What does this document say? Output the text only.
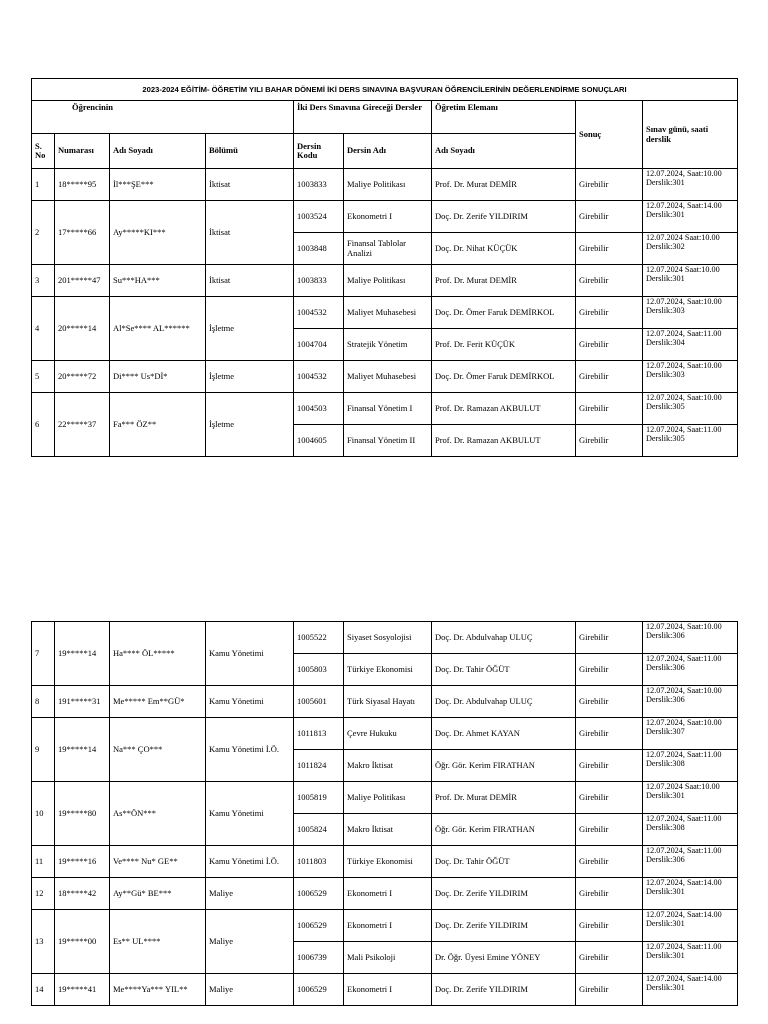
2023-2024 EĞİTİM- ÖĞRETİM YILI BAHAR DÖNEMİ İKİ DERS SINAVINA BAŞVURAN ÖĞRENCİLERİNİN DEĞERLENDİRME SONUÇLARI								
Öğrencinin				İki Ders Sınavına Gireceği Dersler		Öğretim Elemanı	Sonuç	Sınav günü, saati derslik
S. No	Numarası	Adı Soyadı	Bölümü	Dersin Kodu	Dersin Adı	Adı Soyadı		
1	18*****95	İl***ŞE***	İktisat	1003833	Maliye Politikası	Prof. Dr. Murat DEMİR	Girebilir	12.07.2024, Saat:10.00
Derslik:301

2	17*****66	Ay*****KI***	İktisat	1003524	Ekonometri I	Doç. Dr. Zerife YILDIRIM	Girebilir	12.07.2024, Saat:14.00
Derslik:301

				1003848	Finansal Tablolar Analizi	Doç. Dr. Nihat KÜÇÜK	Girebilir	12.07.2024 Saat:10.00
Derslik:302

3	201*****47	Su***HA***	İktisat	1003833	Maliye Politikası	Prof. Dr. Murat DEMİR	Girebilir	12.07.2024 Saat:10.00
Derslik:301

4	20*****14	Al*Se**** AL******	İşletme	1004532	Maliyet Muhasebesi	Doç. Dr. Ömer Faruk DEMİRKOL	Girebilir	12.07.2024, Saat:10.00
Derslik:303

				1004704	Stratejik Yönetim	Prof. Dr. Ferit KÜÇÜK	Girebilir	12.07.2024, Saat:11.00
Derslik:304

5	20*****72	Di**** Us*Dİ*	İşletme	1004532	Maliyet Muhasebesi	Doç. Dr. Ömer Faruk DEMİRKOL	Girebilir	12.07.2024, Saat:10.00
Derslik:303

6	22*****37	Fa*** ÖZ**	İşletme	1004503	Finansal Yönetim I	Prof. Dr. Ramazan AKBULUT	Girebilir	12.07.2024, Saat:10.00
Derslik:305

				1004605	Finansal Yönetim II	Prof. Dr. Ramazan AKBULUT	Girebilir	12.07.2024, Saat:11.00
Derslik:305
7	19*****14	Ha**** ÖL*****	Kamu Yönetimi	1005522	Siyaset Sosyolojisi	Doç. Dr. Abdulvahap ULUÇ	Girebilir	12.07.2024, Saat:10.00
Derslik:306

				1005803	Türkiye Ekonomisi	Doç. Dr. Tahir ÖĞÜT	Girebilir	12.07.2024, Saat:11.00
Derslik:306

8	191*****31	Me***** Em**GÜ*	Kamu Yönetimi	1005601	Türk Siyasal Hayatı	Doç. Dr. Abdulvahap ULUÇ	Girebilir	12.07.2024, Saat:10.00
Derslik:306

9	19*****14	Na*** ÇO***	Kamu Yönetimi İ.Ö.	1011813	Çevre Hukuku	Doç. Dr. Ahmet KAYAN	Girebilir	12.07.2024, Saat:10.00
Derslik:307

				1011824	Makro İktisat	Öğr. Gör. Kerim FIRATHAN	Girebilir	12.07.2024, Saat:11.00
Derslik:308

10	19*****80	As**ÖN***	Kamu Yönetimi	1005819	Maliye Politikası	Prof. Dr. Murat DEMİR	Girebilir	12.07.2024 Saat:10.00
Derslik:301

				1005824	Makro İktisat	Öğr. Gör. Kerim FIRATHAN	Girebilir	12.07.2024, Saat:11.00
Derslik:308

11	19*****16	Ve**** Nu* GE**	Kamu Yönetimi İ.Ö.	1011803	Türkiye Ekonomisi	Doç. Dr. Tahir ÖĞÜT	Girebilir	12.07.2024, Saat:11.00
Derslik:306

12	18*****42	Ay**Gü* BE***	Maliye	1006529	Ekonometri I	Doç. Dr. Zerife YILDIRIM	Girebilir	12.07.2024, Saat:14.00
Derslik:301

13	19*****00	Es** UL****	Maliye	1006529	Ekonometri I	Doç. Dr. Zerife YILDIRIM	Girebilir	12.07.2024, Saat:14.00
Derslik:301

				1006739	Mali Psikoloji	Dr. Öğr. Üyesi Emine YÖNEY	Girebilir	12.07.2024, Saat:11.00
Derslik:301

14	19*****41	Me****Ya*** YIL**	Maliye	1006529	Ekonometri I	Doç. Dr. Zerife YILDIRIM	Girebilir	12.07.2024, Saat:14.00
Derslik:301
